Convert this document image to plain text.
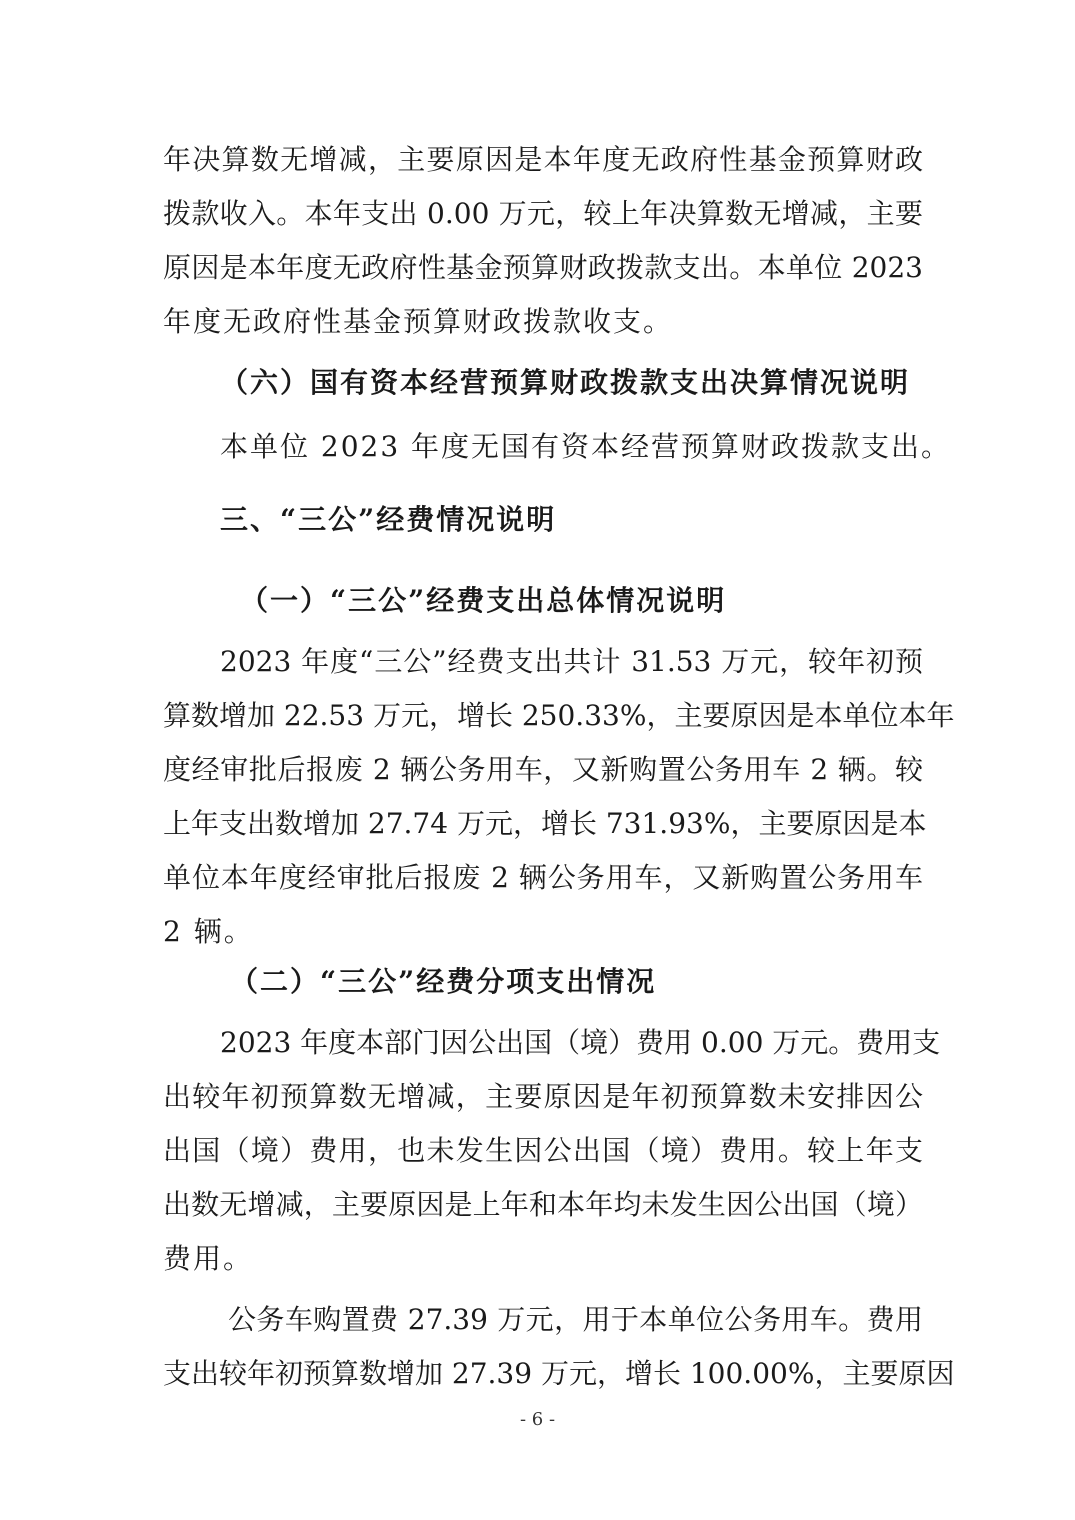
年决算数无增减，主要原因是本年度无政府性基金预算财政
拨款收入。本年支出 0.00 万元，较上年决算数无增减，主要
原因是本年度无政府性基金预算财政拨款支出。本单位 2023
年度无政府性基金预算财政拨款收支。
（六）国有资本经营预算财政拨款支出决算情况说明
本单位 2023 年度无国有资本经营预算财政拨款支出。
三、“三公”经费情况说明
（一）“三公”经费支出总体情况说明
2023 年度“三公”经费支出共计 31.53 万元，较年初预
算数增加 22.53 万元，增长 250.33%，主要原因是本单位本年
度经审批后报废 2 辆公务用车，又新购置公务用车 2 辆。较
上年支出数增加 27.74 万元，增长 731.93%，主要原因是本
单位本年度经审批后报废 2 辆公务用车，又新购置公务用车
2 辆。
（二）“三公”经费分项支出情况
2023 年度本部门因公出国（境）费用 0.00 万元。费用支
出较年初预算数无增减，主要原因是年初预算数未安排因公
出国（境）费用，也未发生因公出国（境）费用。较上年支
出数无增减，主要原因是上年和本年均未发生因公出国（境）
费用。
公务车购置费 27.39 万元，用于本单位公务用车。费用
支出较年初预算数增加 27.39 万元，增长 100.00%，主要原因
- 6 -
